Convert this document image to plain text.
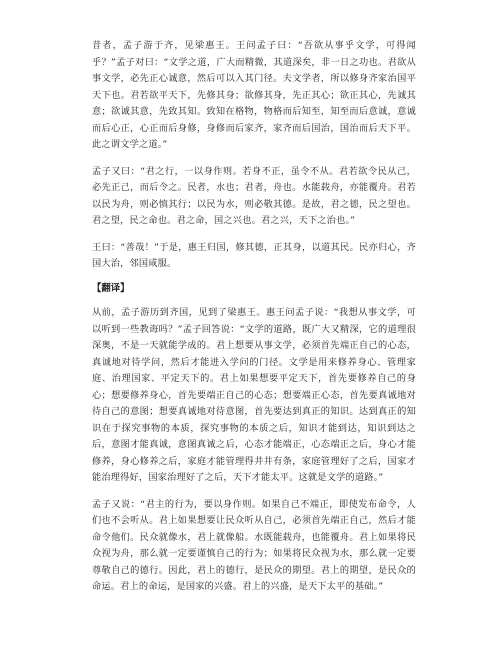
昔者，孟子游于齐，见梁惠王。王问孟子曰：“吾欲从事乎文学，可得闻乎？”孟子对曰：“文学之道，广大而精微，其道深矣，非一日之功也。君欲从事文学，必先正心诚意，然后可以入其门径。夫文学者，所以修身齐家治国平天下也。君若欲平天下，先修其身；欲修其身，先正其心；欲正其心，先诚其意；欲诚其意，先致其知。致知在格物，物格而后知至，知至而后意诚，意诚而后心正，心正而后身修，身修而后家齐，家齐而后国治，国治而后天下平。此之谓文学之道。”

孟子又曰：“君之行，一以身作则。若身不正，虽令不从。君若欲令民从己，必先正己，而后令之。民者，水也；君者，舟也。水能载舟，亦能覆舟。君若以民为舟，则必慎其行；以民为水，则必敬其德。是故，君之德，民之望也。君之望，民之命也。君之命，国之兴也。君之兴，天下之治也。”

王曰：“善哉！”于是，惠王归国，修其德，正其身，以道其民。民亦归心，齐国大治，邻国咸服。

【翻译】

从前，孟子游历到齐国，见到了梁惠王。惠王问孟子说：“我想从事文学，可以听到一些教诲吗？”孟子回答说：“文学的道路，既广大又精深，它的道理很深奥，不是一天就能学成的。君上想要从事文学，必须首先端正自己的心态，真诚地对待学问，然后才能进入学问的门径。文学是用来修养身心、管理家庭、治理国家、平定天下的。君上如果想要平定天下，首先要修养自己的身心；想要修养身心，首先要端正自己的心态；想要端正心态，首先要真诚地对待自己的意图；想要真诚地对待意图，首先要达到真正的知识。达到真正的知识在于探究事物的本质，探究事物的本质之后，知识才能到达，知识到达之后，意图才能真诚，意图真诚之后，心态才能端正，心态端正之后，身心才能修养，身心修养之后，家庭才能管理得井井有条，家庭管理好了之后，国家才能治理得好，国家治理好了之后，天下才能太平。这就是文学的道路。”

孟子又说：“君主的行为，要以身作则。如果自己不端正，即使发布命令，人们也不会听从。君上如果想要让民众听从自己，必须首先端正自己，然后才能命令他们。民众就像水，君上就像船。水既能载舟，也能覆舟。君上如果将民众视为舟，那么就一定要谨慎自己的行为；如果将民众视为水，那么就一定要尊敬自己的德行。因此，君上的德行，是民众的期望。君上的期望，是民众的命运。君上的命运，是国家的兴盛。君上的兴盛，是天下太平的基础。”
